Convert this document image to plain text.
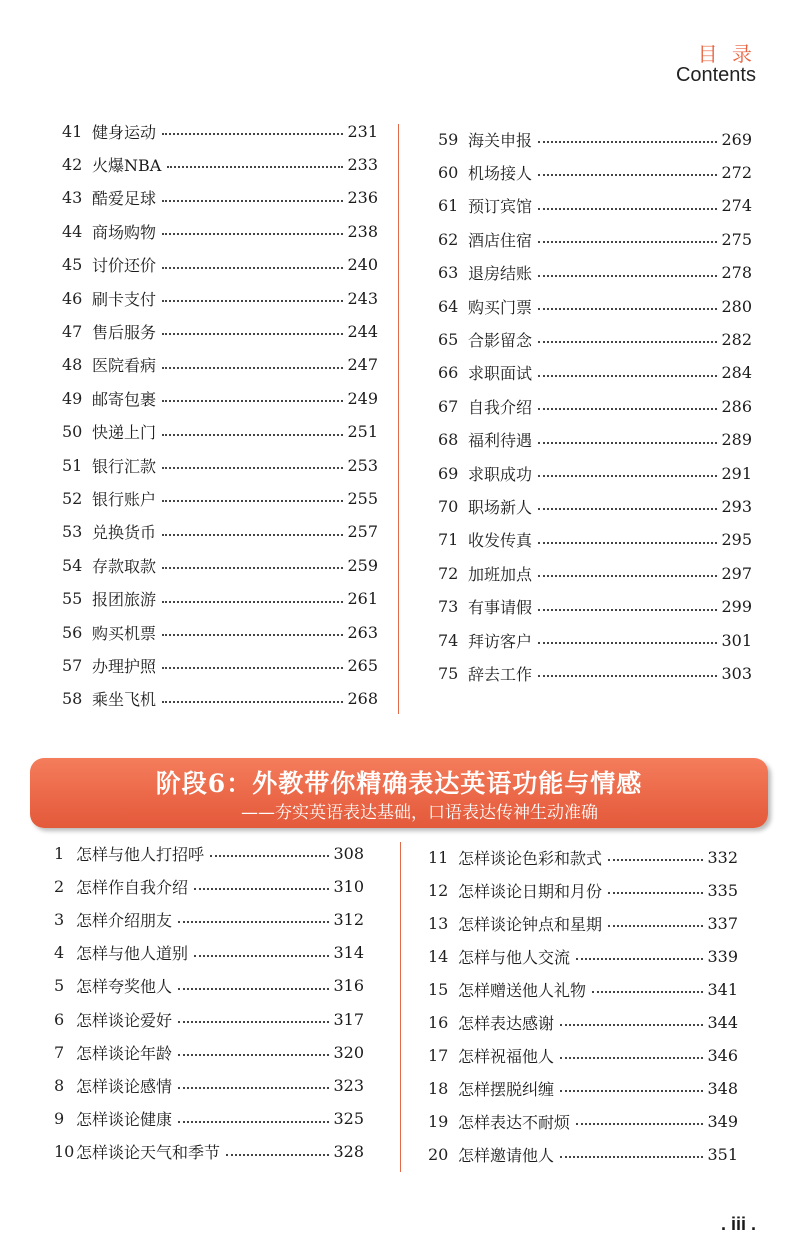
目 录
Contents
41 健身运动	231
42 火爆NBA	233
43 酷爱足球	236
44 商场购物	238
45 讨价还价	240
46 刷卡支付	243
47 售后服务	244
48 医院看病	247
49 邮寄包裹	249
50 快递上门	251
51 银行汇款	253
52 银行账户	255
53 兑换货币	257
54 存款取款	259
55 报团旅游	261
56 购买机票	263
57 办理护照	265
58 乘坐飞机	268
59 海关申报	269
60 机场接人	272
61 预订宾馆	274
62 酒店住宿	275
63 退房结账	278
64 购买门票	280
65 合影留念	282
66 求职面试	284
67 自我介绍	286
68 福利待遇	289
69 求职成功	291
70 职场新人	293
71 收发传真	295
72 加班加点	297
73 有事请假	299
74 拜访客户	301
75 辞去工作	303
阶段6：外教带你精确表达英语功能与情感
——夯实英语表达基础，口语表达传神生动准确
1 怎样与他人打招呼	308
2 怎样作自我介绍	310
3 怎样介绍朋友	312
4 怎样与他人道别	314
5 怎样夸奖他人	316
6 怎样谈论爱好	317
7 怎样谈论年龄	320
8 怎样谈论感情	323
9 怎样谈论健康	325
10 怎样谈论天气和季节	328
11 怎样谈论色彩和款式	332
12 怎样谈论日期和月份	335
13 怎样谈论钟点和星期	337
14 怎样与他人交流	339
15 怎样赠送他人礼物	341
16 怎样表达感谢	344
17 怎样祝福他人	346
18 怎样摆脱纠缠	348
19 怎样表达不耐烦	349
20 怎样邀请他人	351
. iii .
